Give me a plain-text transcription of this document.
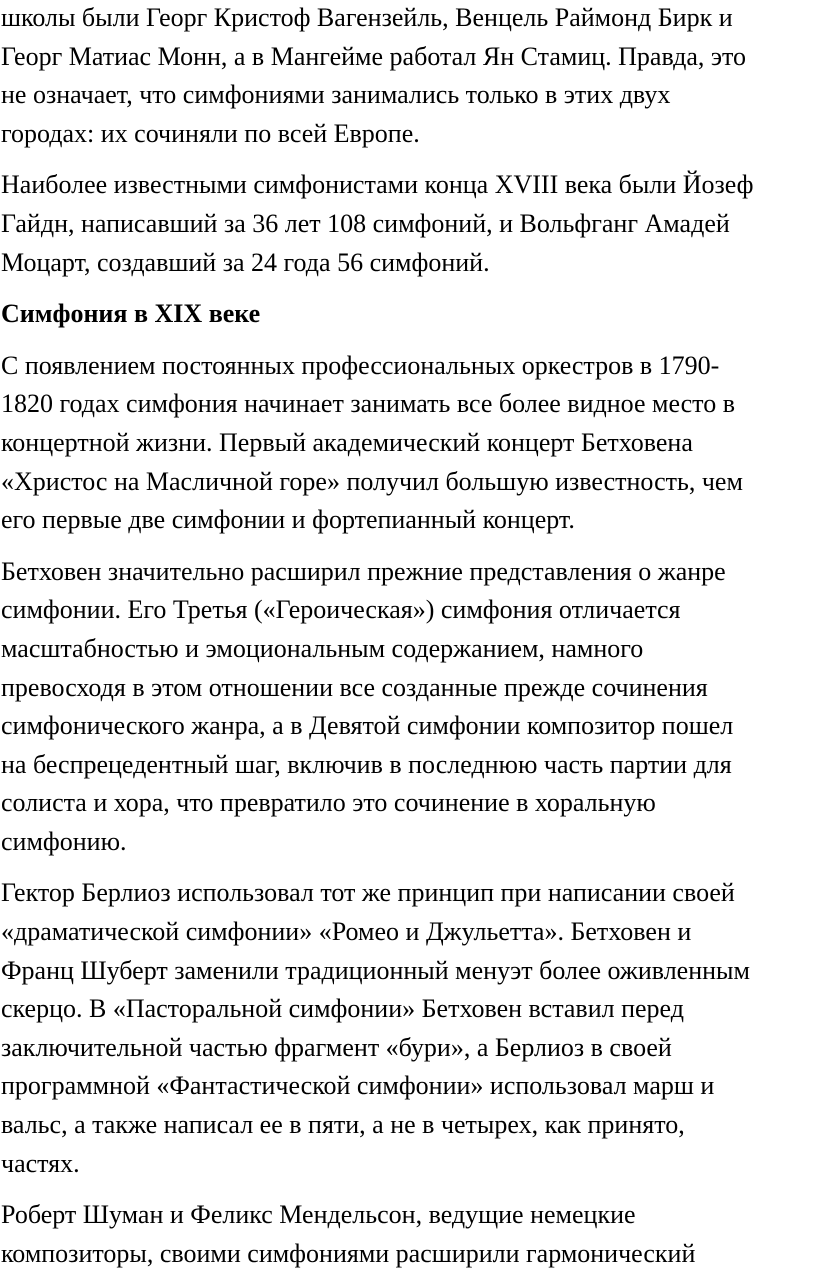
школы были Георг Кристоф Вагензейль, Венцель Раймонд Бирк и
Георг Матиас Монн, а в Мангейме работал Ян Стамиц. Правда, это
не означает, что симфониями занимались только в этих двух
городах: их сочиняли по всей Европе.
Наиболее известными симфонистами конца XVIII века были Йозеф
Гайдн, написавший за 36 лет 108 симфоний, и Вольфганг Амадей
Моцарт, создавший за 24 года 56 симфоний.
Симфония в XIX веке
С появлением постоянных профессиональных оркестров в 1790-
1820 годах симфония начинает занимать все более видное место в
концертной жизни. Первый академический концерт Бетховена
«Христос на Масличной горе» получил большую известность, чем
его первые две симфонии и фортепианный концерт.
Бетховен значительно расширил прежние представления о жанре
симфонии. Его Третья («Героическая») симфония отличается
масштабностью и эмоциональным содержанием, намного
превосходя в этом отношении все созданные прежде сочинения
симфонического жанра, а в Девятой симфонии композитор пошел
на беспрецедентный шаг, включив в последнюю часть партии для
солиста и хора, что превратило это сочинение в хоральную
симфонию.
Гектор Берлиоз использовал тот же принцип при написании своей
«драматической симфонии» «Ромео и Джульетта». Бетховен и
Франц Шуберт заменили традиционный менуэт более оживленным
скерцо. В «Пасторальной симфонии» Бетховен вставил перед
заключительной частью фрагмент «бури», а Берлиоз в своей
программной «Фантастической симфонии» использовал марш и
вальс, а также написал ее в пяти, а не в четырех, как принято,
частях.
Роберт Шуман и Феликс Мендельсон, ведущие немецкие
композиторы, своими симфониями расширили гармонический
